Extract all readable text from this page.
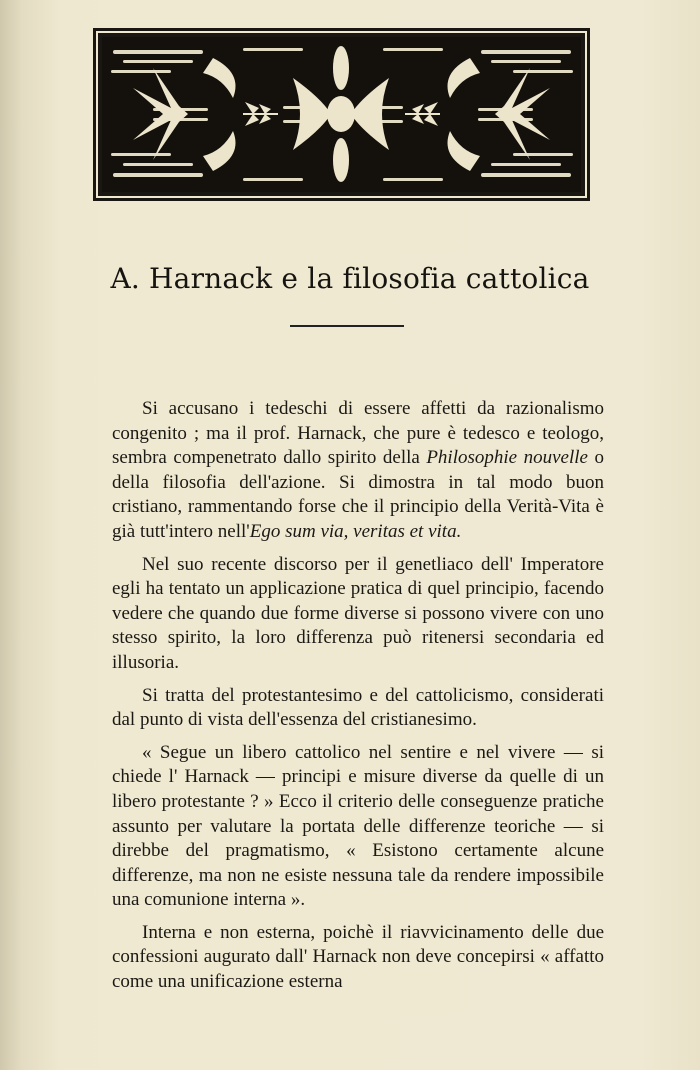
A. Harnack e la filosofia cattolica

Si accusano i tedeschi di essere affetti da razionalismo congenito ; ma il prof. Harnack, che pure è tedesco e teologo, sembra compenetrato dallo spirito della Philosophie nouvelle o della filosofia dell'azione. Si dimostra in tal modo buon cristiano, rammentando forse che il principio della Verità-Vita è già tutt'intero nell'Ego sum via, veritas et vita.

Nel suo recente discorso per il genetliaco dell' Imperatore egli ha tentato un applicazione pratica di quel principio, facendo vedere che quando due forme diverse si possono vivere con uno stesso spirito, la loro differenza può ritenersi secondaria ed illusoria.

Si tratta del protestantesimo e del cattolicismo, considerati dal punto di vista dell'essenza del cristianesimo.

« Segue un libero cattolico nel sentire e nel vivere — si chiede l' Harnack — principi e misure diverse da quelle di un libero protestante ? » Ecco il criterio delle conseguenze pratiche assunto per valutare la portata delle differenze teoriche — si direbbe del pragmatismo, « Esistono certamente alcune differenze, ma non ne esiste nessuna tale da rendere impossibile una comunione interna ».

Interna e non esterna, poichè il riavvicinamento delle due confessioni augurato dall' Harnack non deve concepirsi « affatto come una unificazione esterna
